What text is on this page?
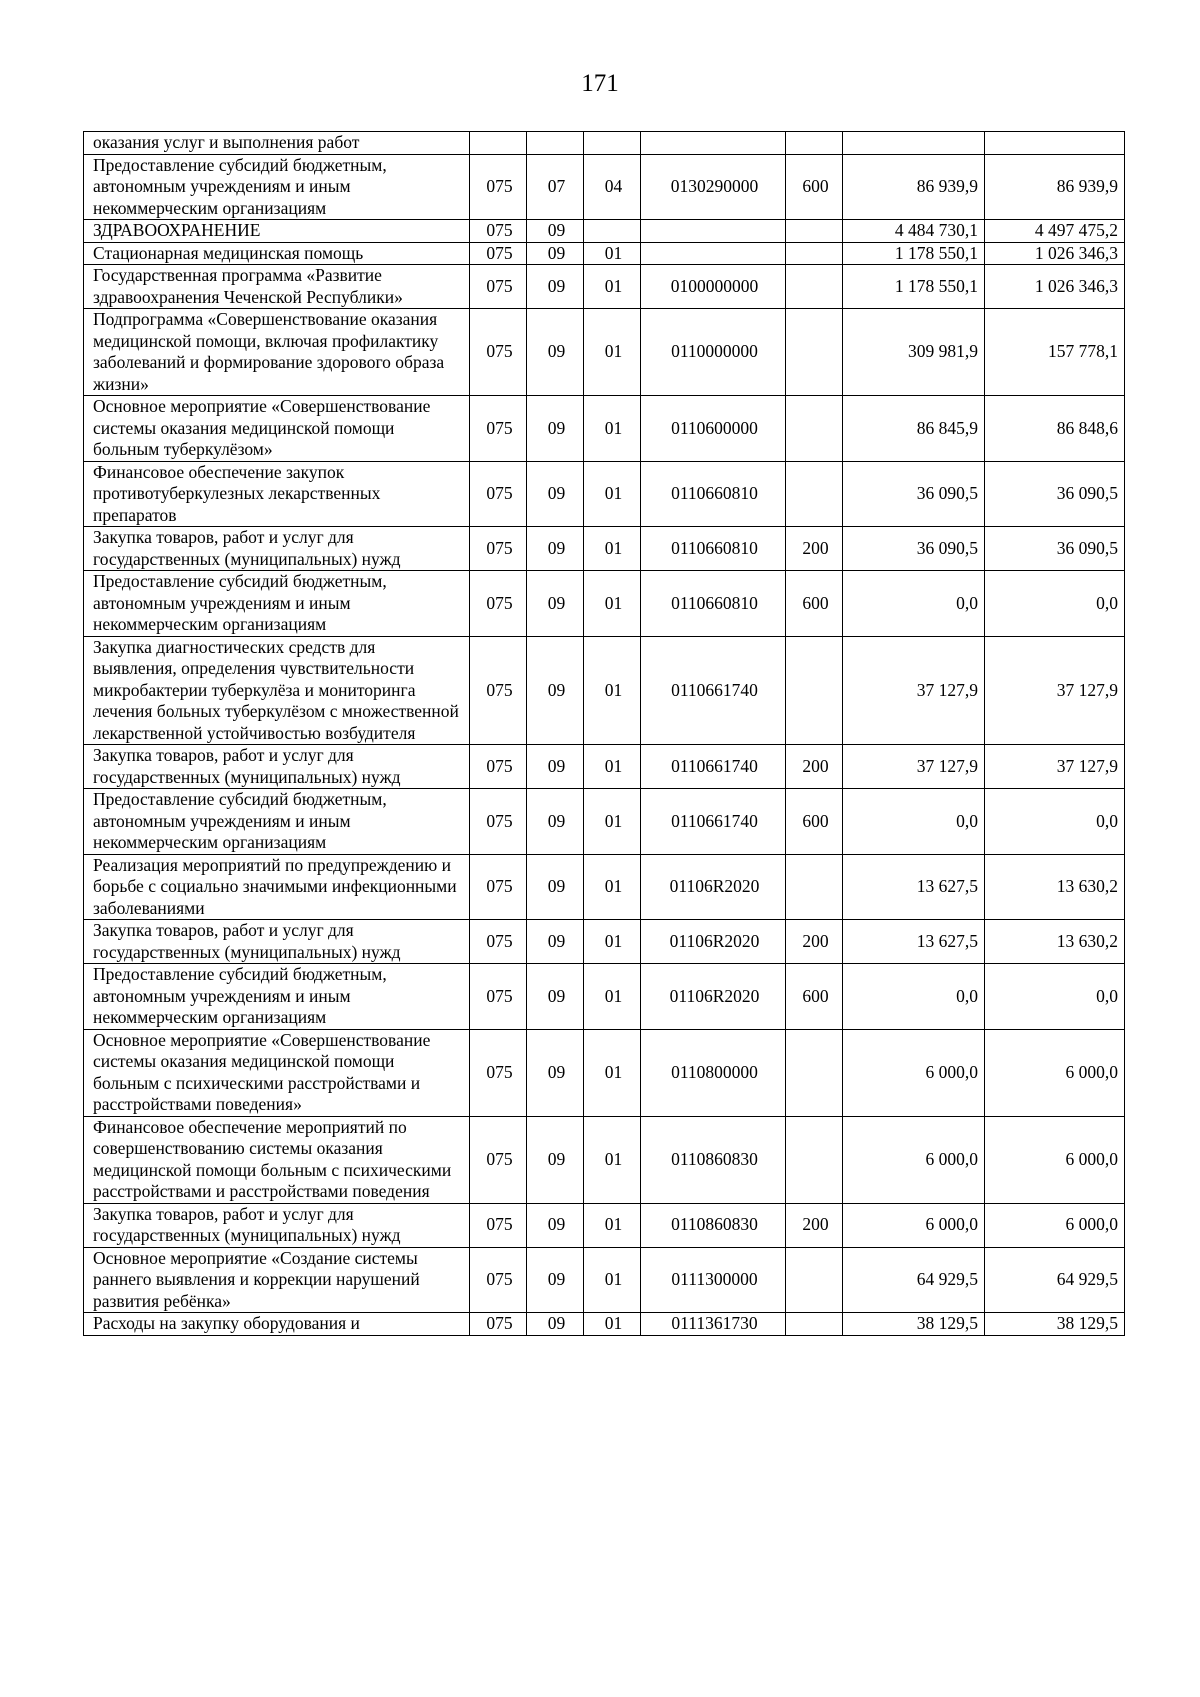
171
оказания услуг и выполнения работ							
Предоставление субсидий бюджетным, автономным учреждениям и иным некоммерческим организациям	075	07	04	0130290000	600	86 939,9	86 939,9
ЗДРАВООХРАНЕНИЕ	075	09				4 484 730,1	4 497 475,2
Стационарная медицинская помощь	075	09	01			1 178 550,1	1 026 346,3
Государственная программа «Развитие здравоохранения Чеченской Республики»	075	09	01	0100000000		1 178 550,1	1 026 346,3
Подпрограмма «Совершенствование оказания медицинской помощи, включая профилактику заболеваний и формирование здорового образа жизни»	075	09	01	0110000000		309 981,9	157 778,1
Основное мероприятие «Совершенствование системы оказания медицинской помощи больным туберкулёзом»	075	09	01	0110600000		86 845,9	86 848,6
Финансовое обеспечение закупок противотуберкулезных лекарственных препаратов	075	09	01	0110660810		36 090,5	36 090,5
Закупка товаров, работ и услуг для государственных (муниципальных) нужд	075	09	01	0110660810	200	36 090,5	36 090,5
Предоставление субсидий бюджетным, автономным учреждениям и иным некоммерческим организациям	075	09	01	0110660810	600	0,0	0,0
Закупка диагностических средств для выявления, определения чувствительности микробактерии туберкулёза и мониторинга лечения больных туберкулёзом с множественной лекарственной устойчивостью возбудителя	075	09	01	0110661740		37 127,9	37 127,9
Закупка товаров, работ и услуг для государственных (муниципальных) нужд	075	09	01	0110661740	200	37 127,9	37 127,9
Предоставление субсидий бюджетным, автономным учреждениям и иным некоммерческим организациям	075	09	01	0110661740	600	0,0	0,0
Реализация мероприятий по предупреждению и борьбе с социально значимыми инфекционными заболеваниями	075	09	01	01106R2020		13 627,5	13 630,2
Закупка товаров, работ и услуг для государственных (муниципальных) нужд	075	09	01	01106R2020	200	13 627,5	13 630,2
Предоставление субсидий бюджетным, автономным учреждениям и иным некоммерческим организациям	075	09	01	01106R2020	600	0,0	0,0
Основное мероприятие «Совершенствование системы оказания медицинской помощи больным с психическими расстройствами и расстройствами поведения»	075	09	01	0110800000		6 000,0	6 000,0
Финансовое обеспечение мероприятий по совершенствованию системы оказания медицинской помощи больным с психическими расстройствами и расстройствами поведения	075	09	01	0110860830		6 000,0	6 000,0
Закупка товаров, работ и услуг для государственных (муниципальных) нужд	075	09	01	0110860830	200	6 000,0	6 000,0
Основное мероприятие «Создание системы раннего выявления и коррекции нарушений развития ребёнка»	075	09	01	0111300000		64 929,5	64 929,5
Расходы на закупку оборудования и	075	09	01	0111361730		38 129,5	38 129,5
